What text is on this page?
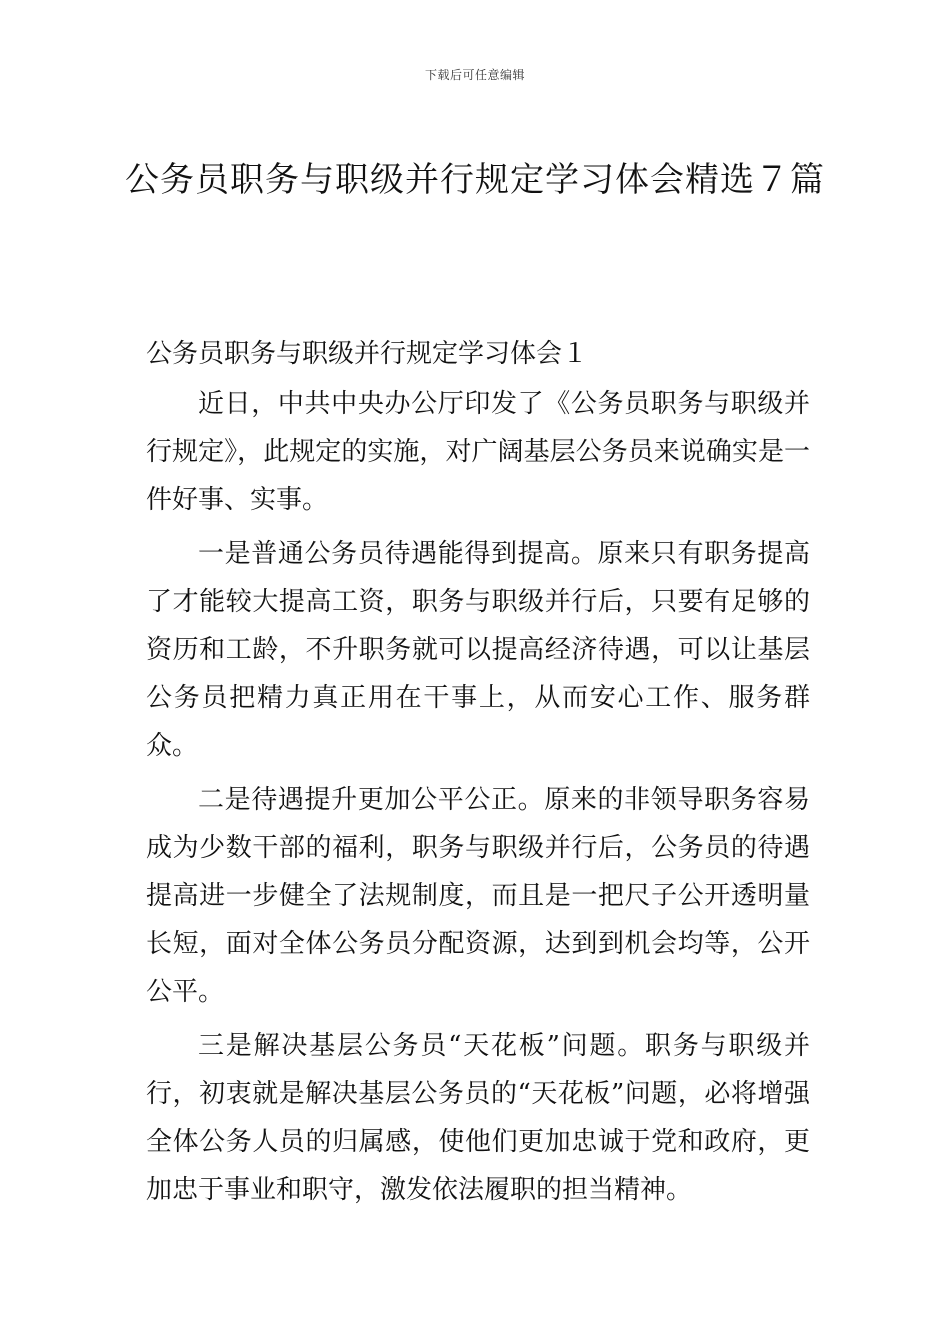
下载后可任意编辑
公务员职务与职级并行规定学习体会精选７篇
公务员职务与职级并行规定学习体会１

近日，中共中央办公厅印发了《公务员职务与职级并行规定》，此规定的实施，对广阔基层公务员来说确实是一件好事、实事。

一是普通公务员待遇能得到提高。原来只有职务提高了才能较大提高工资，职务与职级并行后，只要有足够的资历和工龄，不升职务就可以提高经济待遇，可以让基层公务员把精力真正用在干事上，从而安心工作、服务群众。

二是待遇提升更加公平公正。原来的非领导职务容易成为少数干部的福利，职务与职级并行后，公务员的待遇提高进一步健全了法规制度，而且是一把尺子公开透明量长短，面对全体公务员分配资源，达到到机会均等，公开公平。

三是解决基层公务员“天花板”问题。职务与职级并行，初衷就是解决基层公务员的“天花板”问题，必将增强全体公务人员的归属感，使他们更加忠诚于党和政府，更加忠于事业和职守，激发依法履职的担当精神。
